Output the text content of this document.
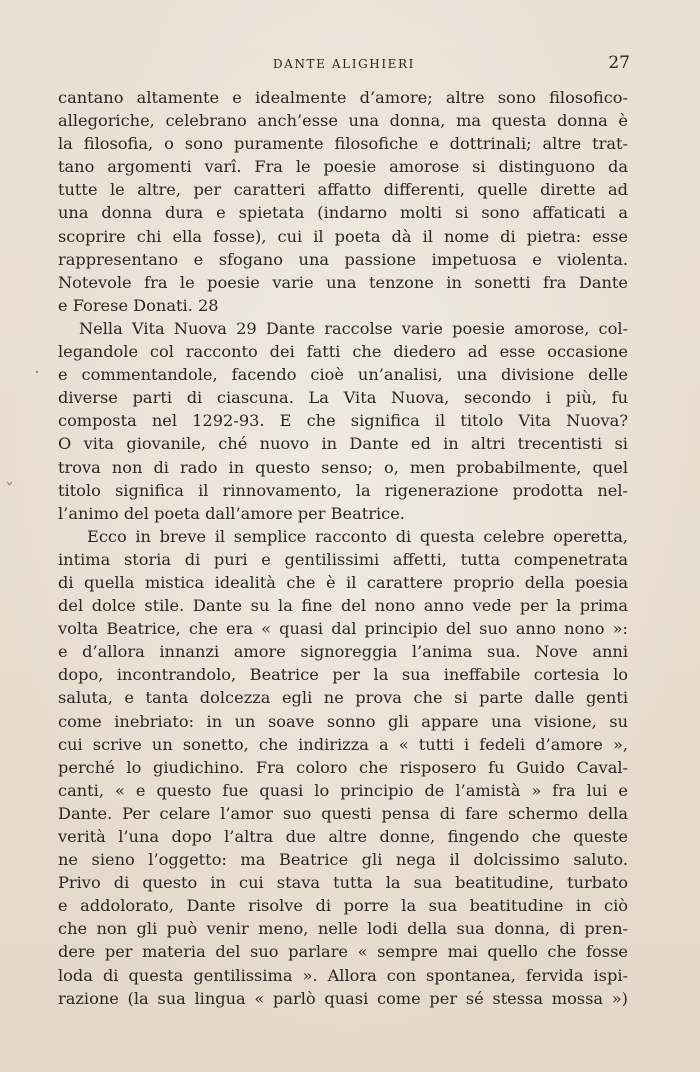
DANTE ALIGHIERI	27
·
ˇ
cantano altamente e idealmente d’amore; altre sono filosofico-
allegoriche, celebrano anch’esse una donna, ma questa donna è
la filosofia, o sono puramente filosofiche e dottrinali; altre trat-
tano argomenti varî. Fra le poesie amorose si distinguono da
tutte le altre, per caratteri affatto differenti, quelle dirette ad
una donna dura e spietata (indarno molti si sono affaticati a
scoprire chi ella fosse), cui il poeta dà il nome di pietra: esse
rappresentano e sfogano una passione impetuosa e violenta.
Notevole fra le poesie varie una tenzone in sonetti fra Dante
e Forese Donati. 28
Nella Vita Nuova 29 Dante raccolse varie poesie amorose, col-
legandole col racconto dei fatti che diedero ad esse occasione
e commentandole, facendo cioè un’analisi, una divisione delle
diverse parti di ciascuna. La Vita Nuova, secondo i più, fu
composta nel 1292-93. E che significa il titolo Vita Nuova?
O vita giovanile, ché nuovo in Dante ed in altri trecentisti si
trova non di rado in questo senso; o, men probabilmente, quel
titolo significa il rinnovamento, la rigenerazione prodotta nel-
l’animo del poeta dall’amore per Beatrice.
Ecco in breve il semplice racconto di questa celebre operetta,
intima storia di puri e gentilissimi affetti, tutta compenetrata
di quella mistica idealità che è il carattere proprio della poesia
del dolce stile. Dante su la fine del nono anno vede per la prima
volta Beatrice, che era « quasi dal principio del suo anno nono »:
e d’allora innanzi amore signoreggia l’anima sua. Nove anni
dopo, incontrandolo, Beatrice per la sua ineffabile cortesia lo
saluta, e tanta dolcezza egli ne prova che si parte dalle genti
come inebriato: in un soave sonno gli appare una visione, su
cui scrive un sonetto, che indirizza a « tutti i fedeli d’amore »,
perché lo giudichino. Fra coloro che risposero fu Guido Caval-
canti, « e questo fue quasi lo principio de l’amistà » fra lui e
Dante. Per celare l’amor suo questi pensa di fare schermo della
verità l’una dopo l’altra due altre donne, fingendo che queste
ne sieno l’oggetto: ma Beatrice gli nega il dolcissimo saluto.
Privo di questo in cui stava tutta la sua beatitudine, turbato
e addolorato, Dante risolve di porre la sua beatitudine in ciò
che non gli può venir meno, nelle lodi della sua donna, di pren-
dere per materia del suo parlare « sempre mai quello che fosse
loda di questa gentilissima ». Allora con spontanea, fervida ispi-
razione (la sua lingua « parlò quasi come per sé stessa mossa »)
